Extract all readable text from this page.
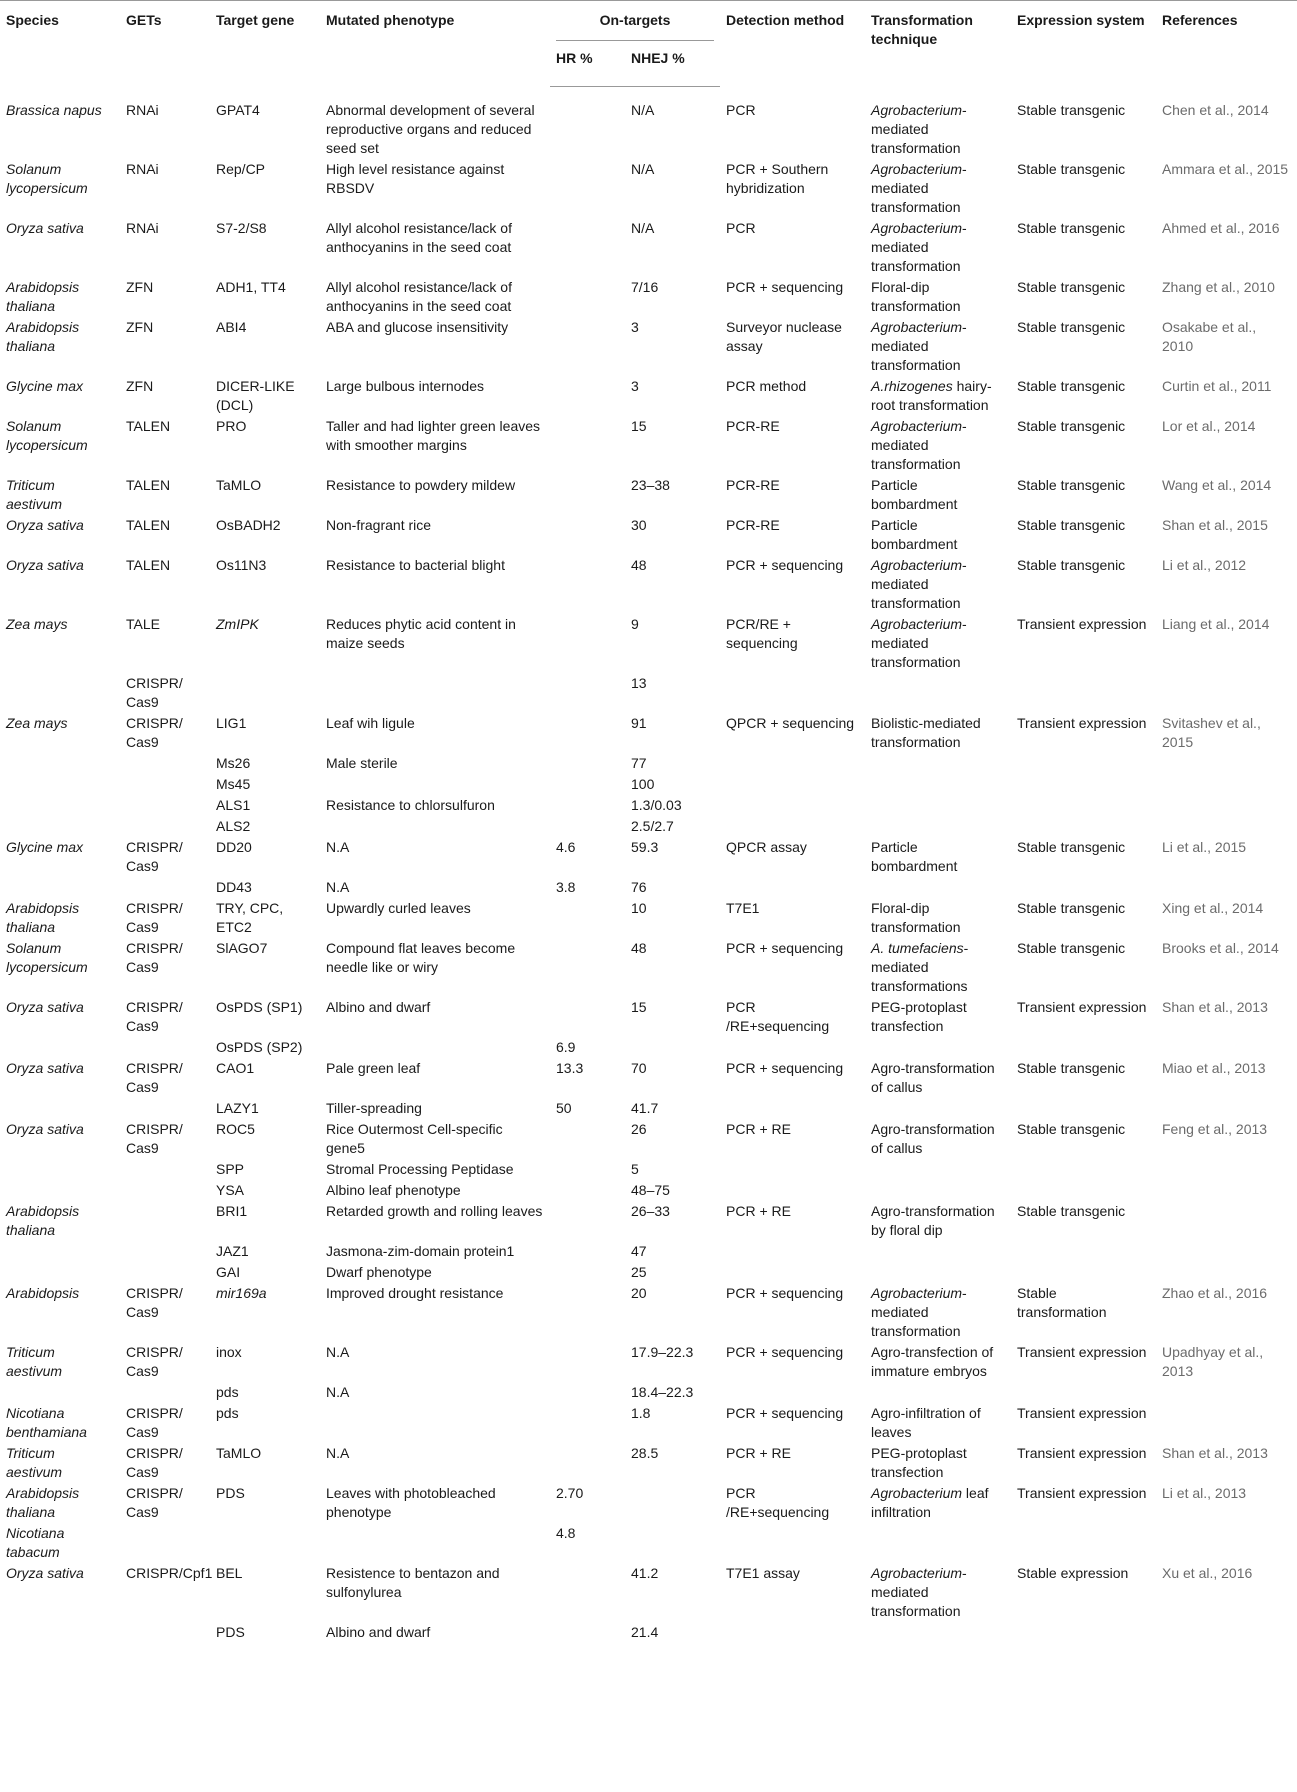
Species	GETs	Target gene	Mutated phenotype	On-targets		Detection method	Transformation technique	Expression system	References
				HR %	NHEJ %				
Brassica napus	RNAi	GPAT4	Abnormal development of several reproductive organs and reduced seed set		N/A	PCR	Agrobacterium-mediated transformation	Stable transgenic	Chen et al., 2014
Solanum lycopersicum	RNAi	Rep/CP	High level resistance against RBSDV		N/A	PCR + Southern hybridization	Agrobacterium-mediated transformation	Stable transgenic	Ammara et al., 2015
Oryza sativa	RNAi	S7-2/S8	Allyl alcohol resistance/lack of anthocyanins in the seed coat		N/A	PCR	Agrobacterium-mediated transformation	Stable transgenic	Ahmed et al., 2016
Arabidopsis thaliana	ZFN	ADH1, TT4	Allyl alcohol resistance/lack of anthocyanins in the seed coat		7/16	PCR + sequencing	Floral-dip transformation	Stable transgenic	Zhang et al., 2010
Arabidopsis thaliana	ZFN	ABI4	ABA and glucose insensitivity		3	Surveyor nuclease assay	Agrobacterium-mediated transformation	Stable transgenic	Osakabe et al., 2010
Glycine max	ZFN	DICER-LIKE (DCL)	Large bulbous internodes		3	PCR method	A.rhizogenes hairy-root transformation	Stable transgenic	Curtin et al., 2011
Solanum lycopersicum	TALEN	PRO	Taller and had lighter green leaves with smoother margins		15	PCR-RE	Agrobacterium-mediated transformation	Stable transgenic	Lor et al., 2014
Triticum aestivum	TALEN	TaMLO	Resistance to powdery mildew		23–38	PCR-RE	Particle bombardment	Stable transgenic	Wang et al., 2014
Oryza sativa	TALEN	OsBADH2	Non-fragrant rice		30	PCR-RE	Particle bombardment	Stable transgenic	Shan et al., 2015
Oryza sativa	TALEN	Os11N3	Resistance to bacterial blight		48	PCR + sequencing	Agrobacterium-mediated transformation	Stable transgenic	Li et al., 2012
Zea mays	TALE	ZmIPK	Reduces phytic acid content in maize seeds		9	PCR/RE + sequencing	Agrobacterium-mediated transformation	Transient expression	Liang et al., 2014
	CRISPR/ Cas9				13				
Zea mays	CRISPR/ Cas9	LIG1	Leaf wih ligule		91	QPCR + sequencing	Biolistic-mediated transformation	Transient expression	Svitashev et al., 2015
		Ms26	Male sterile		77				
		Ms45			100				
		ALS1	Resistance to chlorsulfuron		1.3/0.03				
		ALS2			2.5/2.7				
Glycine max	CRISPR/ Cas9	DD20	N.A	4.6	59.3	QPCR assay	Particle bombardment	Stable transgenic	Li et al., 2015
		DD43	N.A	3.8	76				
Arabidopsis thaliana	CRISPR/ Cas9	TRY, CPC, ETC2	Upwardly curled leaves		10	T7E1	Floral-dip transformation	Stable transgenic	Xing et al., 2014
Solanum lycopersicum	CRISPR/ Cas9	SlAGO7	Compound flat leaves become needle like or wiry		48	PCR + sequencing	A. tumefaciens-mediated transformations	Stable transgenic	Brooks et al., 2014
Oryza sativa	CRISPR/ Cas9	OsPDS (SP1)	Albino and dwarf		15	PCR /RE+sequencing	PEG-protoplast transfection	Transient expression	Shan et al., 2013
		OsPDS (SP2)		6.9					
Oryza sativa	CRISPR/ Cas9	CAO1	Pale green leaf	13.3	70	PCR + sequencing	Agro-transformation of callus	Stable transgenic	Miao et al., 2013
		LAZY1	Tiller-spreading	50	41.7				
Oryza sativa	CRISPR/ Cas9	ROC5	Rice Outermost Cell-specific gene5		26	PCR + RE	Agro-transformation of callus	Stable transgenic	Feng et al., 2013
		SPP	Stromal Processing Peptidase		5				
		YSA	Albino leaf phenotype		48–75				
Arabidopsis thaliana		BRI1	Retarded growth and rolling leaves		26–33	PCR + RE	Agro-transformation by floral dip	Stable transgenic	
		JAZ1	Jasmona-zim-domain protein1		47				
		GAI	Dwarf phenotype		25				
Arabidopsis	CRISPR/ Cas9	mir169a	Improved drought resistance		20	PCR + sequencing	Agrobacterium-mediated transformation	Stable transformation	Zhao et al., 2016
Triticum aestivum	CRISPR/ Cas9	inox	N.A		17.9–22.3	PCR + sequencing	Agro-transfection of immature embryos	Transient expression	Upadhyay et al., 2013
		pds	N.A		18.4–22.3				
Nicotiana benthamiana	CRISPR/ Cas9	pds			1.8	PCR + sequencing	Agro-infiltration of leaves	Transient expression	
Triticum aestivum	CRISPR/ Cas9	TaMLO	N.A		28.5	PCR + RE	PEG-protoplast transfection	Transient expression	Shan et al., 2013
Arabidopsis thaliana	CRISPR/ Cas9	PDS	Leaves with photobleached phenotype	2.70		PCR /RE+sequencing	Agrobacterium leaf infiltration	Transient expression	Li et al., 2013
Nicotiana tabacum				4.8					
Oryza sativa	CRISPR/Cpf1	BEL	Resistence to bentazon and sulfonylurea		41.2	T7E1 assay	Agrobacterium-mediated transformation	Stable expression	Xu et al., 2016
		PDS	Albino and dwarf		21.4				
